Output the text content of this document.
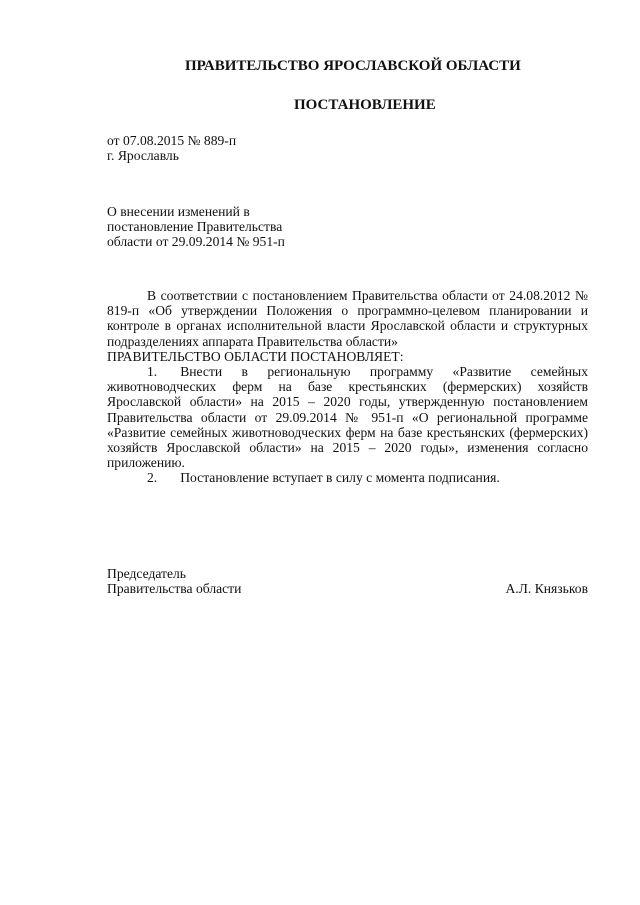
ПРАВИТЕЛЬСТВО ЯРОСЛАВСКОЙ ОБЛАСТИ
ПОСТАНОВЛЕНИЕ
от 07.08.2015 № 889-п
г. Ярославль
О внесении изменений в
постановление Правительства
области от 29.09.2014 № 951-п
В соответствии с постановлением Правительства области от 24.08.2012 № 819-п «Об утверждении Положения о программно-целевом планировании и контроле в органах исполнительной власти Ярославской области и структурных подразделениях аппарата Правительства области»
ПРАВИТЕЛЬСТВО ОБЛАСТИ ПОСТАНОВЛЯЕТ:
1. Внести в региональную программу «Развитие семейных животноводческих ферм на базе крестьянских (фермерских) хозяйств Ярославской области» на 2015 – 2020 годы, утвержденную постановлением Правительства области от 29.09.2014 № 951-п «О региональной программе «Развитие семейных животноводческих ферм на базе крестьянских (фермерских) хозяйств Ярославской области» на 2015 – 2020 годы», изменения согласно приложению.
2. Постановление вступает в силу с момента подписания.
Председатель
Правительства области	А.Л. Князьков
